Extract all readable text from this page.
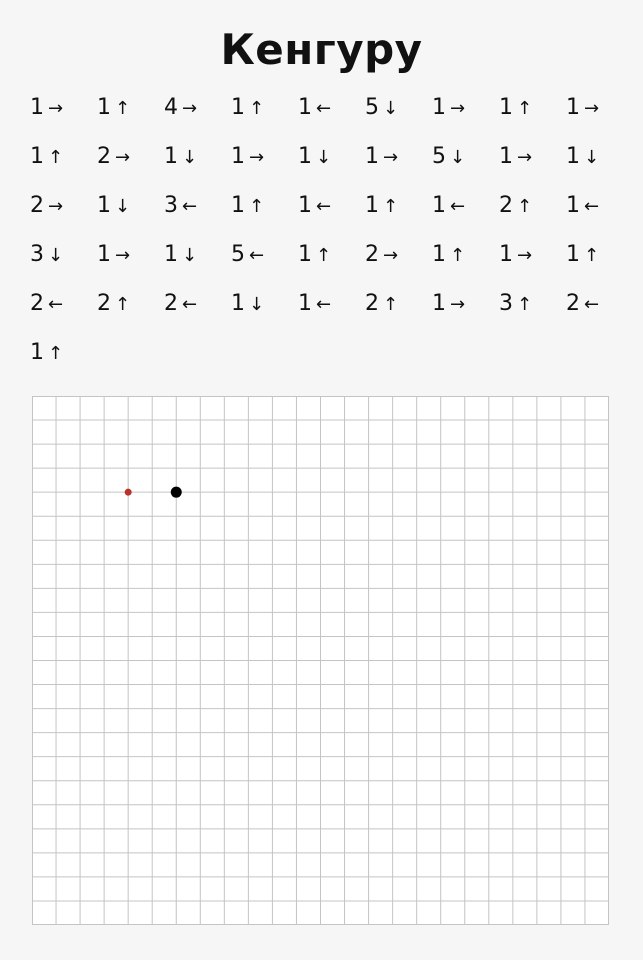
Кенгуру
1 →	1 ↑	4 →	1 ↑	1 ←	5 ↓	1 →	1 ↑	1 →
1 ↑	2 →	1 ↓	1 →	1 ↓	1 →	5 ↓	1 →	1 ↓
2 →	1 ↓	3 ←	1 ↑	1 ←	1 ↑	1 ←	2 ↑	1 ←
3 ↓	1 →	1 ↓	5 ←	1 ↑	2 →	1 ↑	1 →	1 ↑
2 ←	2 ↑	2 ←	1 ↓	1 ←	2 ↑	1 →	3 ↑	2 ←
1 ↑
